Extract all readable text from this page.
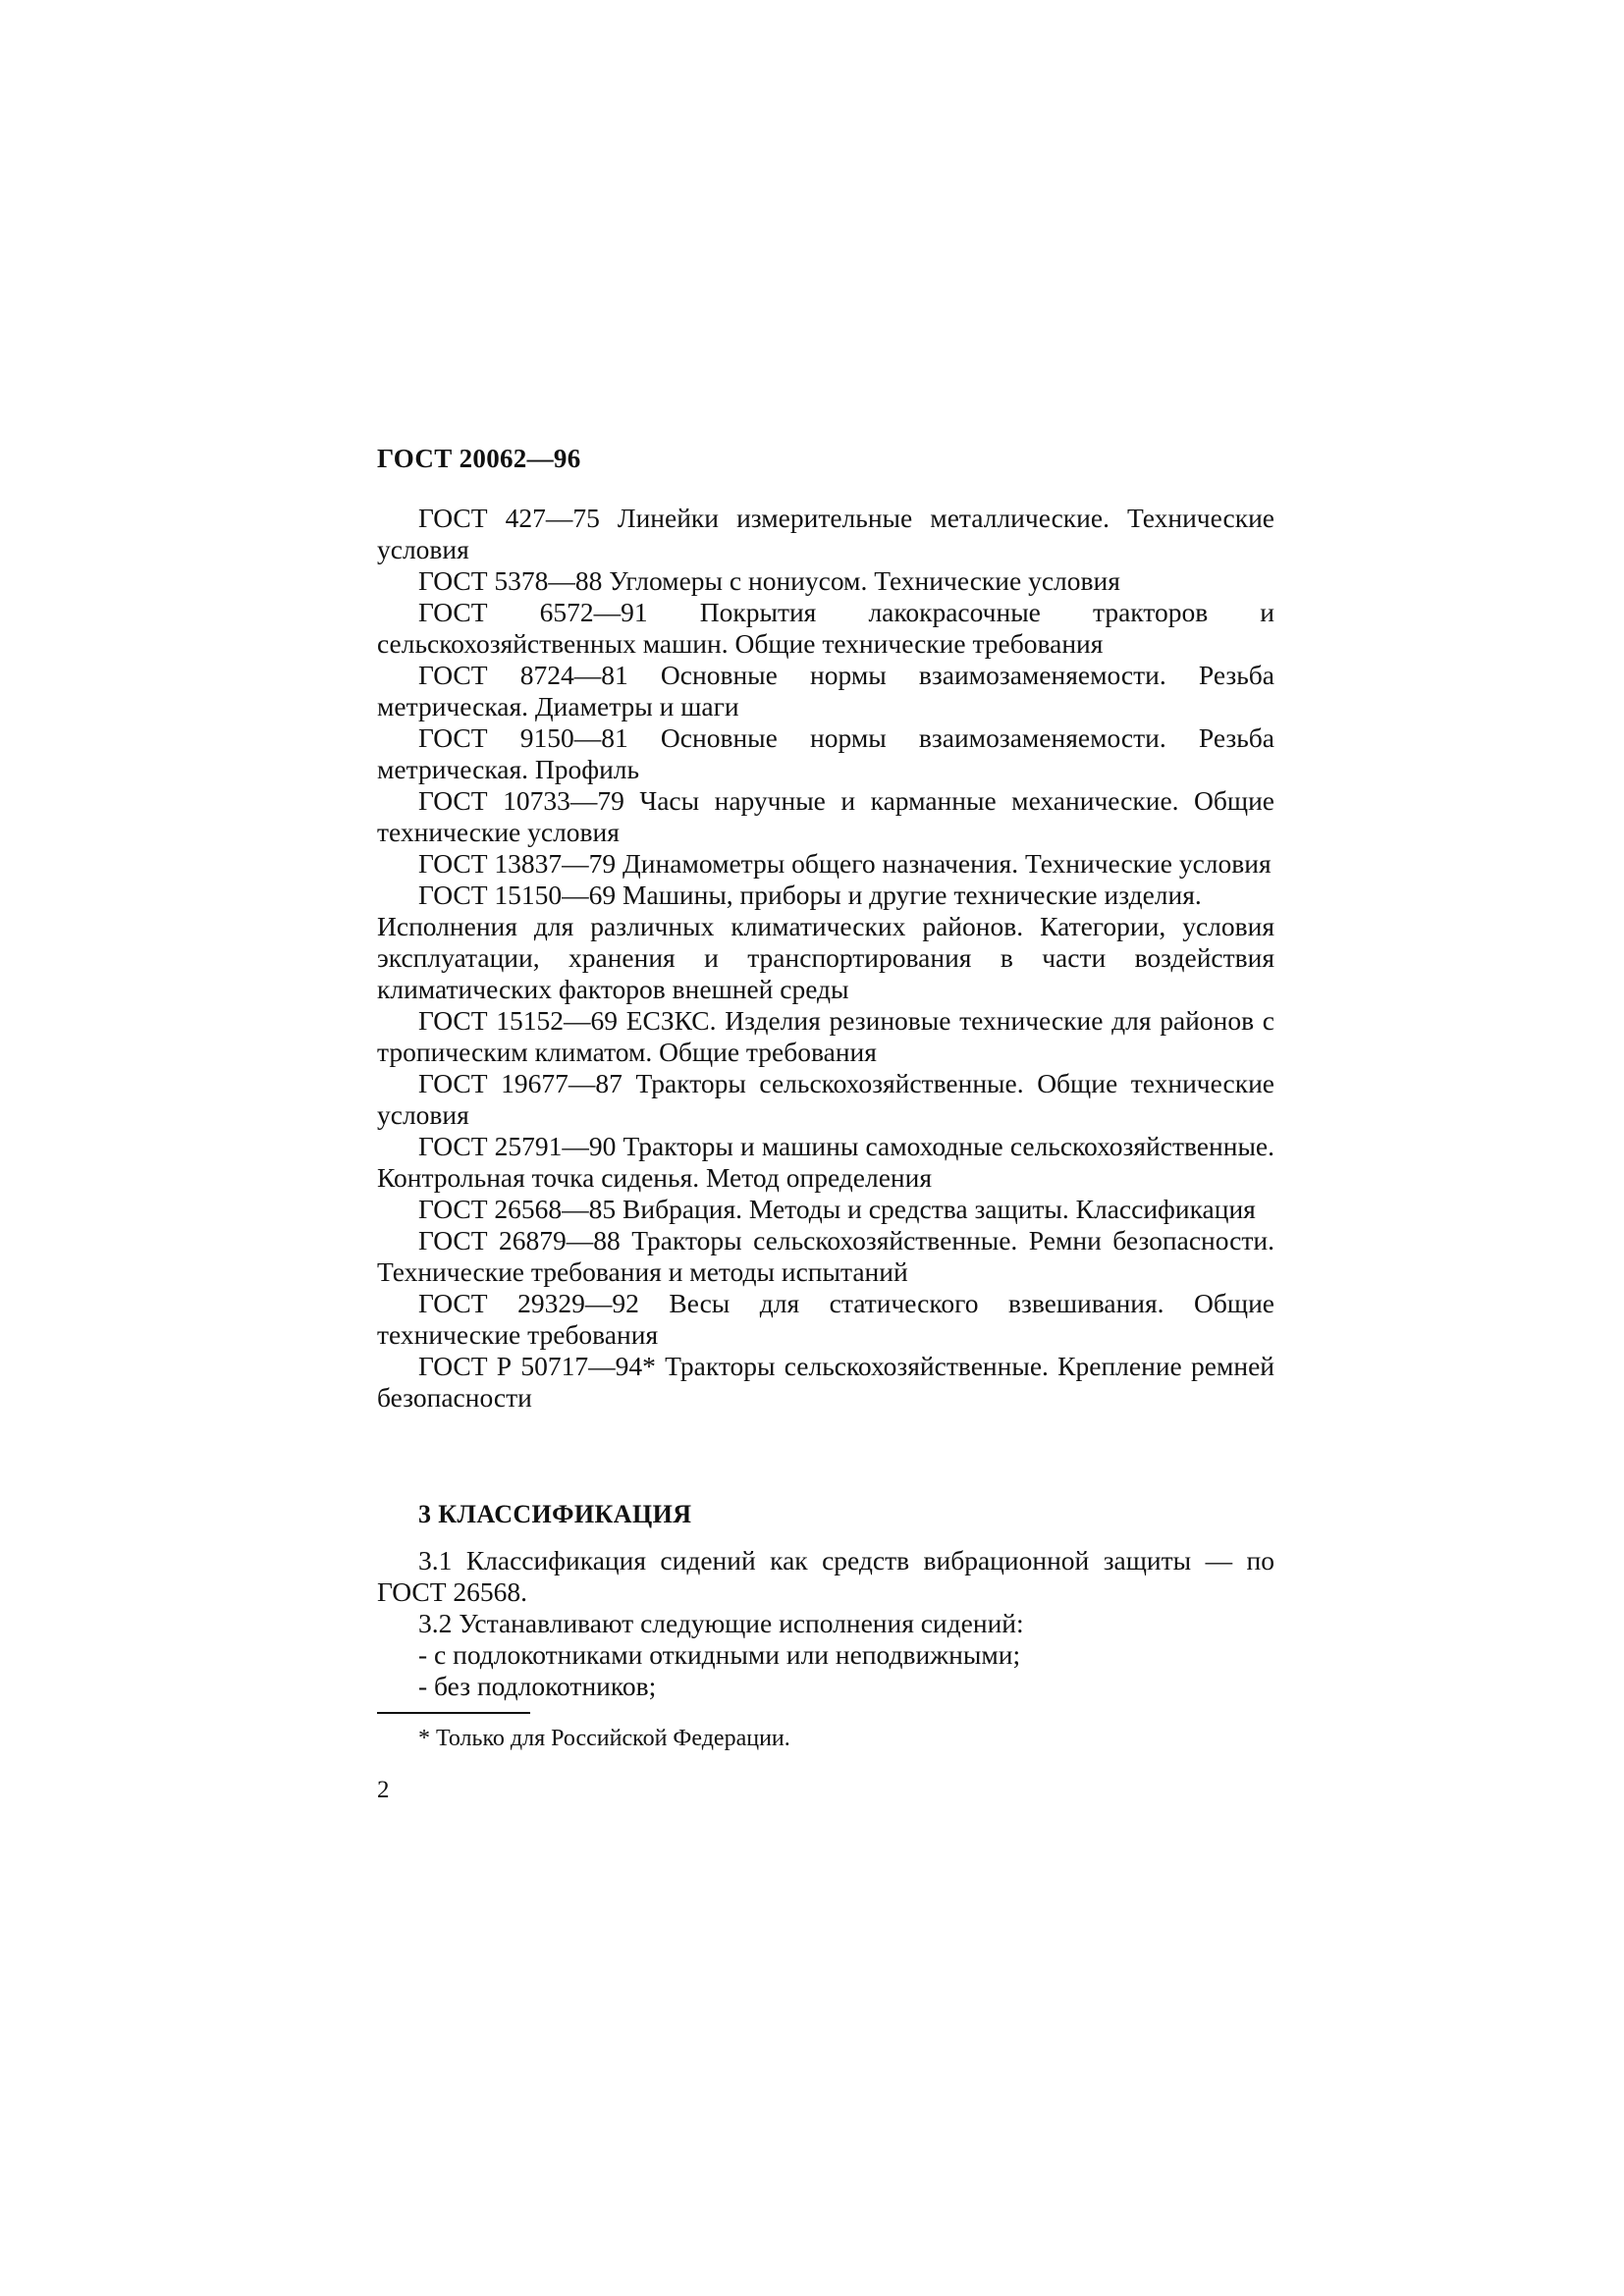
ГОСТ 20062—96

ГОСТ 427—75 Линейки измерительные металлические. Технические условия

ГОСТ 5378—88 Угломеры с нониусом. Технические условия

ГОСТ 6572—91 Покрытия лакокрасочные тракторов и сельскохозяйственных машин. Общие технические требования

ГОСТ 8724—81 Основные нормы взаимозаменяемости. Резьба метрическая. Диаметры и шаги

ГОСТ 9150—81 Основные нормы взаимозаменяемости. Резьба метрическая. Профиль

ГОСТ 10733—79 Часы наручные и карманные механические. Общие технические условия

ГОСТ 13837—79 Динамометры общего назначения. Технические условия

ГОСТ 15150—69 Машины, приборы и другие технические изделия.

Исполнения для различных климатических районов. Категории, условия эксплуатации, хранения и транспортирования в части воздействия климатических факторов внешней среды

ГОСТ 15152—69 ЕСЗКС. Изделия резиновые технические для районов с тропическим климатом. Общие требования

ГОСТ 19677—87 Тракторы сельскохозяйственные. Общие технические условия

ГОСТ 25791—90 Тракторы и машины самоходные сельскохозяйственные. Контрольная точка сиденья. Метод определения

ГОСТ 26568—85 Вибрация. Методы и средства защиты. Классификация

ГОСТ 26879—88 Тракторы сельскохозяйственные. Ремни безопасности. Технические требования и методы испытаний

ГОСТ 29329—92 Весы для статического взвешивания. Общие технические требования

ГОСТ Р 50717—94* Тракторы сельскохозяйственные. Крепление ремней безопасности

3 КЛАССИФИКАЦИЯ

3.1 Классификация сидений как средств вибрационной защиты — по ГОСТ 26568.

3.2 Устанавливают следующие исполнения сидений:

- с подлокотниками откидными или неподвижными;

- без подлокотников;

* Только для Российской Федерации.
2
